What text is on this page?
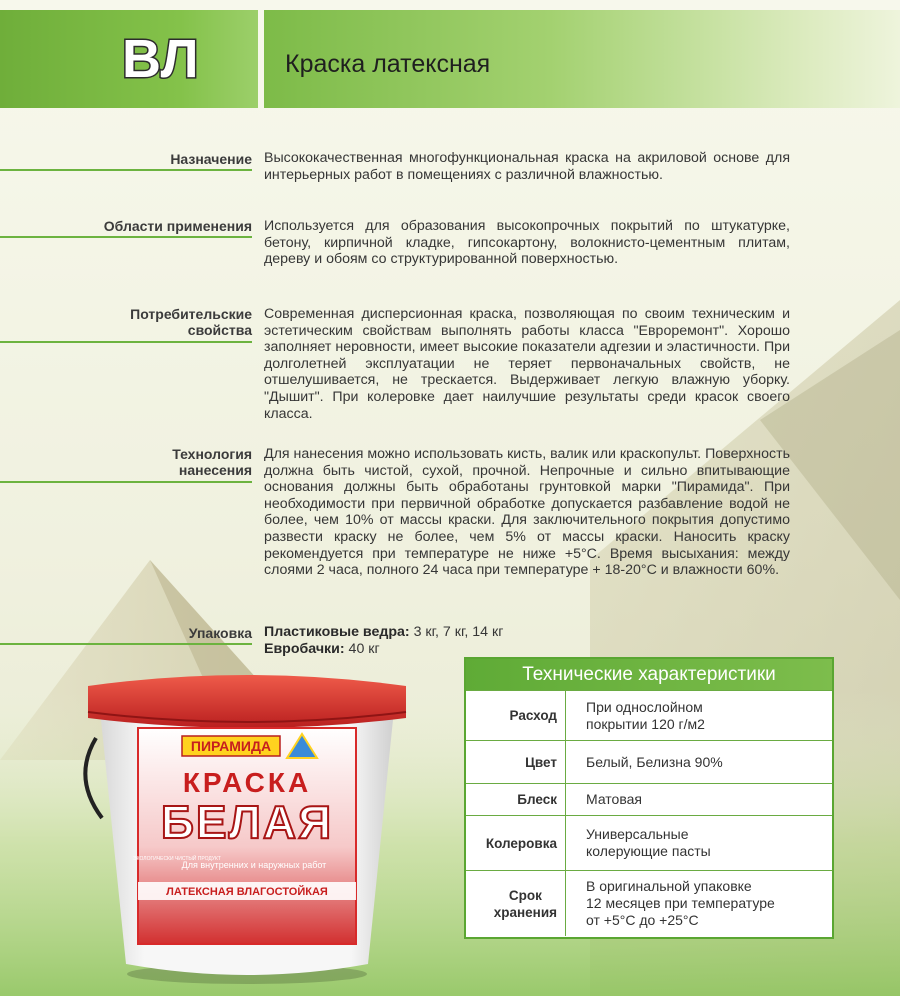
ВЛ	Краска латексная
Назначение Высококачественная многофункциональная краска на акриловой основе для интерьерных работ в помещениях с различной влажностью.
Области применения Используется для образования высокопрочных покрытий по штукатурке, бетону, кирпичной кладке, гипсокартону, волокнисто-цементным плитам, дереву и обоям со структурированной поверхностью.
Потребительские
свойства
Современная дисперсионная краска, позволяющая по своим техническим и эстетическим свойствам выполнять работы класса "Евроремонт". Хорошо заполняет неровности, имеет высокие показатели адгезии и эластичности. При долголетней эксплуатации не теряет первоначальных свойств, не отшелушивается, не трескается. Выдерживает легкую влажную уборку. "Дышит". При колеровке дает наилучшие результаты среди красок своего класса.
Технология
нанесения
Для нанесения можно использовать кисть, валик или краскопульт. Поверхность должна быть чистой, сухой, прочной. Непрочные и сильно впитывающие основания должны быть обработаны грунтовкой марки "Пирамида". При необходимости при первичной обработке допускается разбавление водой не более, чем 10% от массы краски. Для заключительного покрытия допустимо развести краску не более, чем 5% от массы краски. Наносить краску рекомендуется при температуре не ниже +5°С. Время высыхания: между слоями 2 часа, полного 24 часа при температуре + 18-20°С и влажности 60%.
Упаковка Пластиковые ведра: 3 кг, 7 кг, 14 кг
Евробачки: 40 кг
ПИРАМИДА
КРАСКА
БЕЛАЯ
Для внутренних и наружных работ
ЭКОЛОГИЧЕСКИ ЧИСТЫЙ ПРОДУКТ
ЛАТЕКСНАЯ ВЛАГОСТОЙКАЯ
Технические характеристики
Расход
При однослойном
покрытии 120 г/м2
Цвет Белый, Белизна 90%
Блеск Матовая
Колеровка
Универсальные
колерующие пасты
Срок
хранения
В оригинальной упаковке
12 месяцев при температуре
от +5°С до +25°С
